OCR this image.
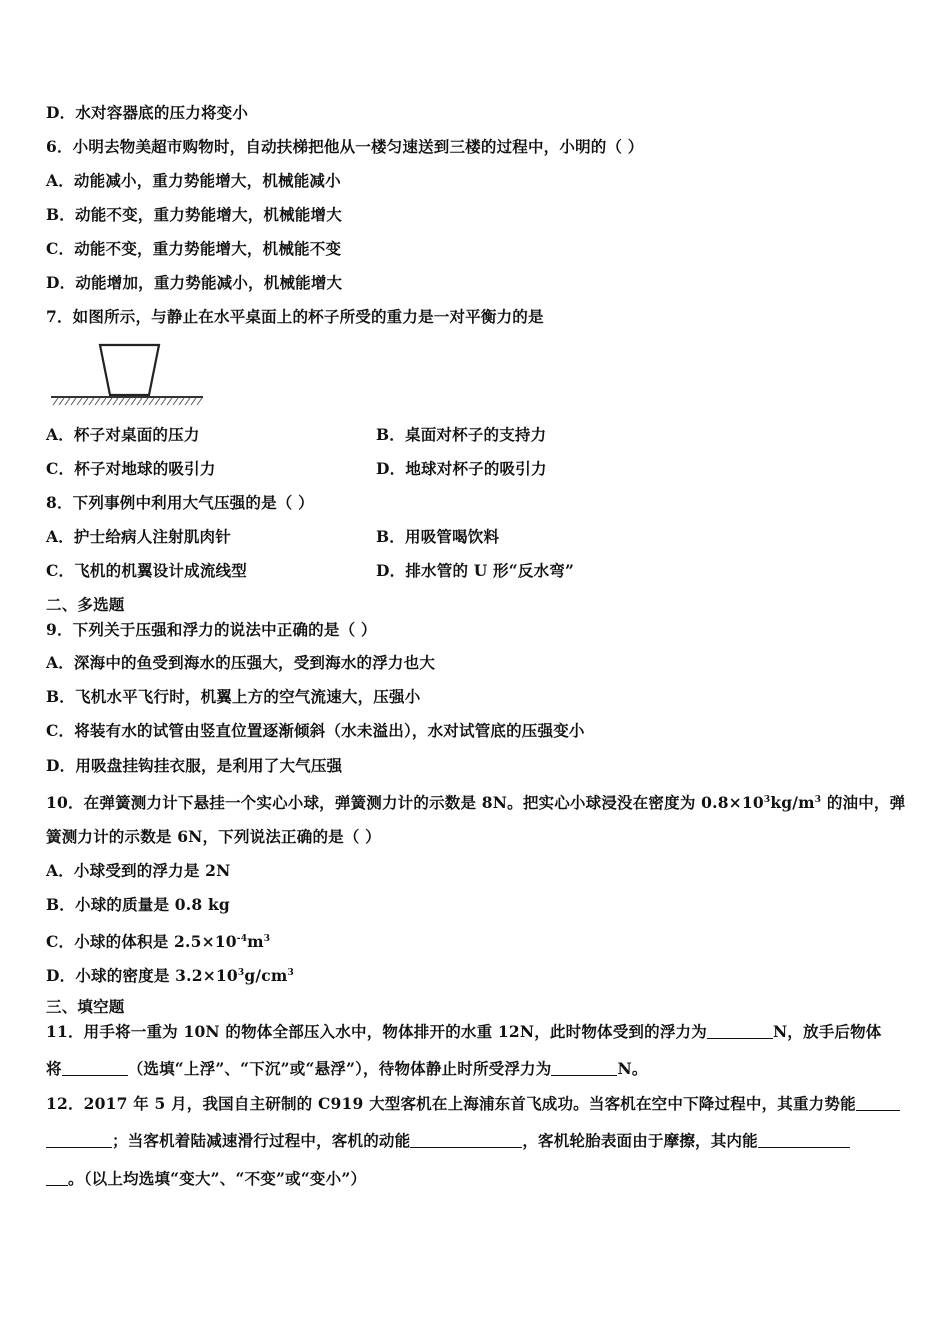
D．水对容器底的压力将变小
6．小明去物美超市购物时，自动扶梯把他从一楼匀速送到三楼的过程中，小明的（ ）
A．动能减小，重力势能增大，机械能减小
B．动能不变，重力势能增大，机械能增大
C．动能不变，重力势能增大，机械能不变
D．动能增加，重力势能减小，机械能增大
7．如图所示，与静止在水平桌面上的杯子所受的重力是一对平衡力的是
A．杯子对桌面的压力	B．桌面对杯子的支持力
C．杯子对地球的吸引力	D．地球对杯子的吸引力
8．下列事例中利用大气压强的是（ ）
A．护士给病人注射肌肉针	B．用吸管喝饮料
C．飞机的机翼设计成流线型	D．排水管的 U 形“反水弯”
二、多选题
9．下列关于压强和浮力的说法中正确的是（ ）
A．深海中的鱼受到海水的压强大，受到海水的浮力也大
B．飞机水平飞行时，机翼上方的空气流速大，压强小
C．将装有水的试管由竖直位置逐渐倾斜（水未溢出），水对试管底的压强变小
D．用吸盘挂钩挂衣服，是利用了大气压强
10．在弹簧测力计下悬挂一个实心小球，弹簧测力计的示数是 8N。把实心小球浸没在密度为 $0.8\times 10^3kg/m^3$ 的油中，弹
簧测力计的示数是 6N，下列说法正确的是（ ）
A．小球受到的浮力是 2N
B．小球的质量是 0.8 kg
C．小球的体积是 $2.5\times 10^{-4}m^3$
D．小球的密度是 $3.2\times 10^3g/cm^3$
三、填空题
11．用手将一重为 10N 的物体全部压入水中，物体排开的水重 12N，此时物体受到的浮力为	N，放手后物体
将	（选填“上浮”、“下沉”或“悬浮”），待物体静止时所受浮力为	N。
12．2017 年 5 月，我国自主研制的 C919 大型客机在上海浦东首飞成功。当客机在空中下降过程中，其重力势能
；当客机着陆减速滑行过程中，客机的动能	，客机轮胎表面由于摩擦，其内能
。（以上均选填“变大”、“不变”或“变小”）
